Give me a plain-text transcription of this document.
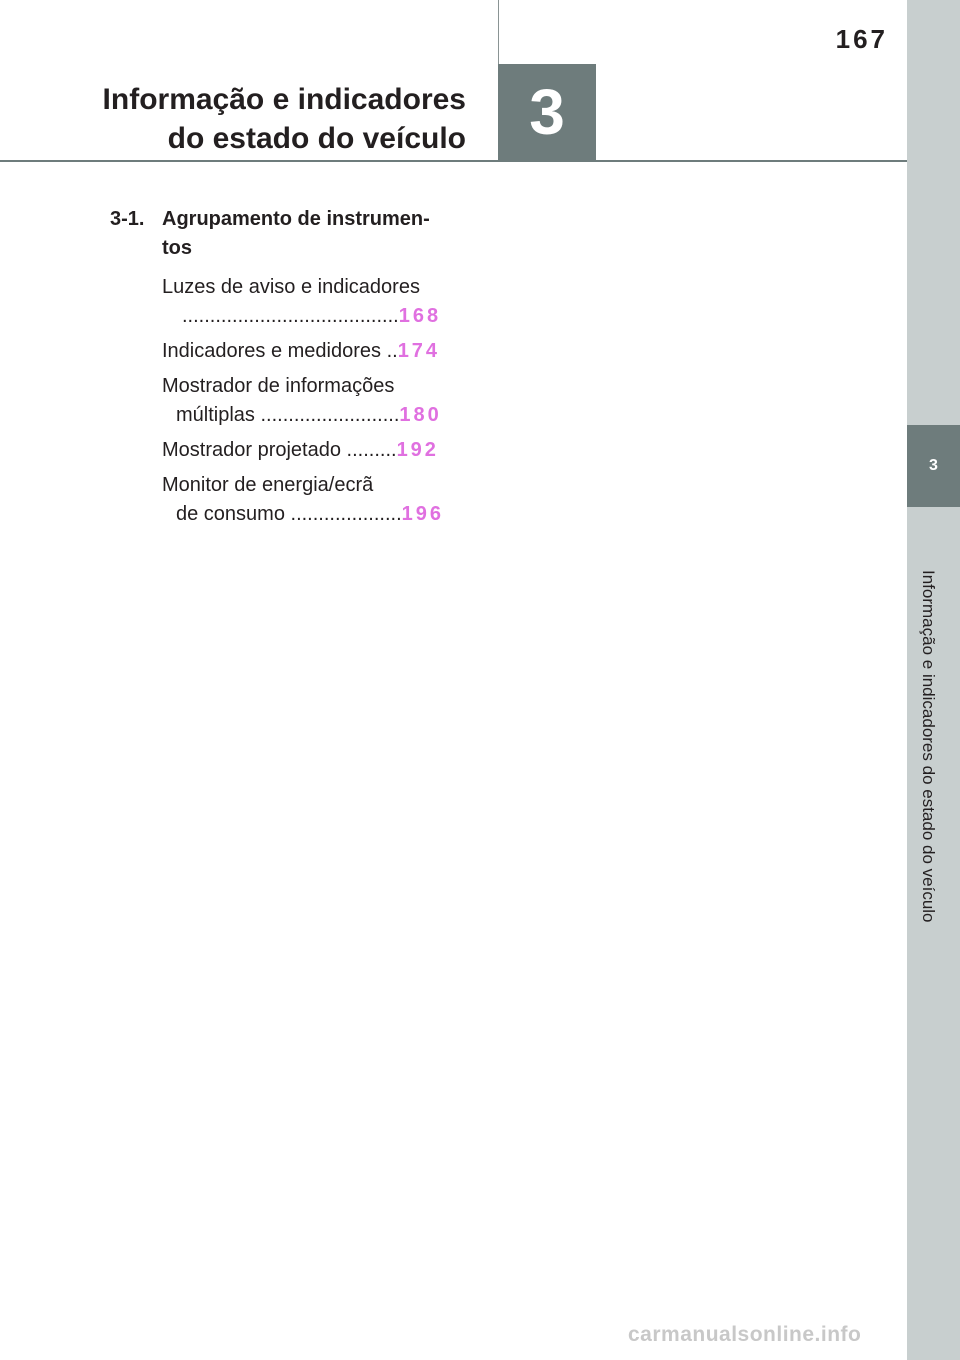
3
Informação e indicadores do estado do veículo
167
3
Informação e indicadores
do estado do veículo
3-1. Agrupamento de instrumen-
tos
Luzes de aviso e indicadores
.......................................168
Indicadores e medidores ..174
Mostrador de informações
múltiplas .........................180
Mostrador projetado .........192
Monitor de energia/ecrã
de consumo ....................196
carmanualsonline.info
